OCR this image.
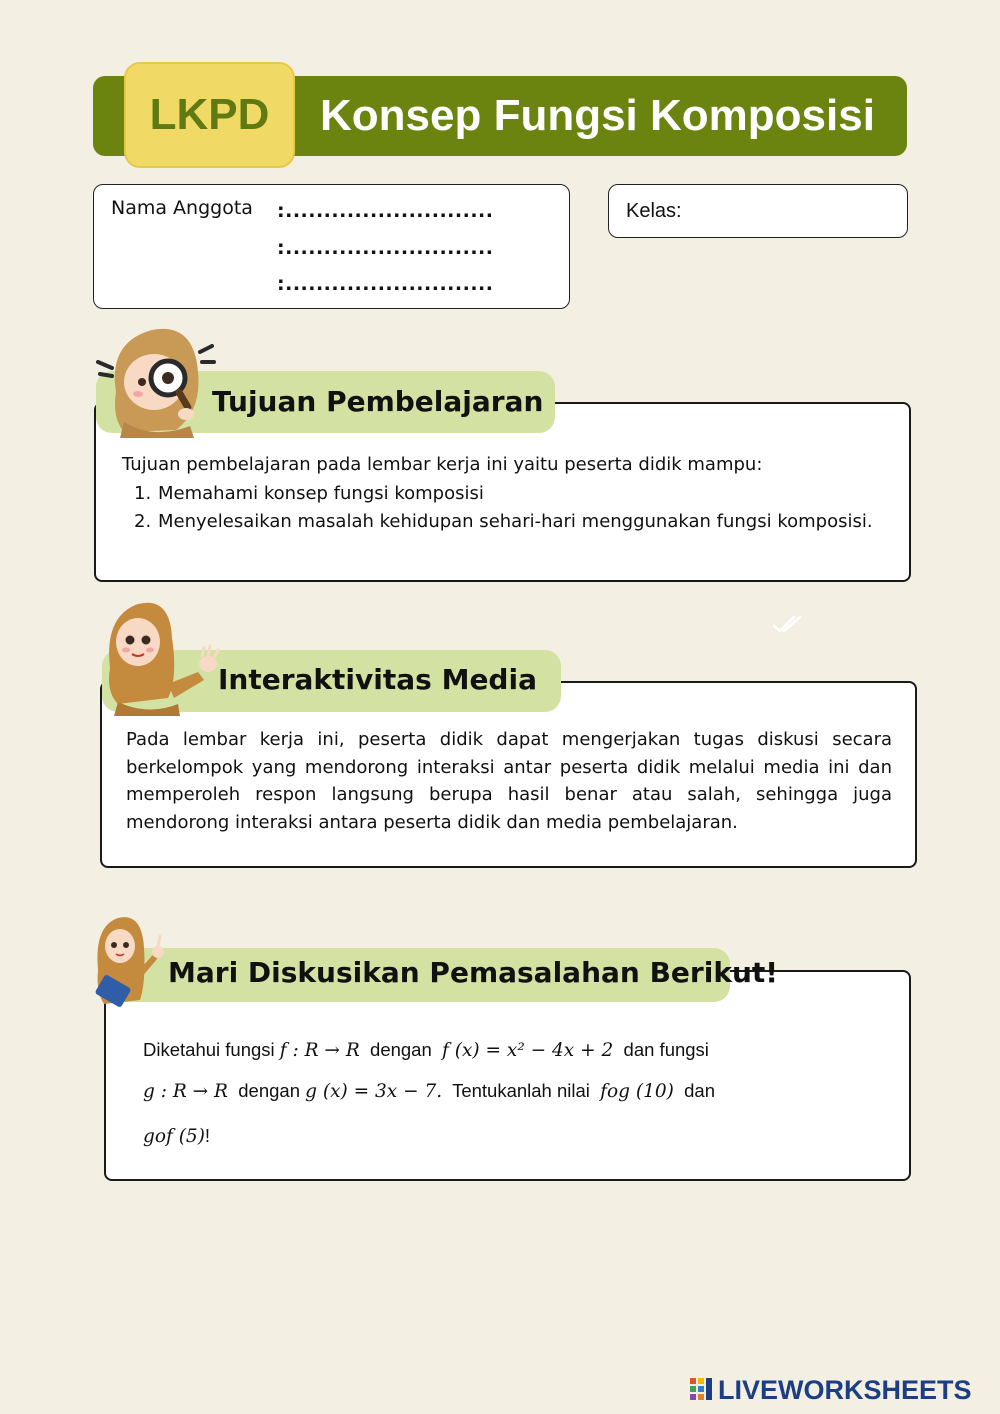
Konsep Fungsi Komposisi
LKPD
Nama Anggota :...........................
:...........................
:...........................
Kelas:
Tujuan Pembelajaran
Tujuan pembelajaran pada lembar kerja ini yaitu peserta didik mampu:
1. Memahami konsep fungsi komposisi
2. Menyelesaikan masalah kehidupan sehari-hari menggunakan fungsi komposisi.
Interaktivitas Media
Pada lembar kerja ini, peserta didik dapat mengerjakan tugas diskusi secara berkelompok yang mendorong interaksi antar peserta didik melalui media ini dan memperoleh respon langsung berupa hasil benar atau salah, sehingga juga mendorong interaksi antara peserta didik dan media pembelajaran.
Mari Diskusikan Pemasalahan Berikut!
Diketahui fungsi f : R → R dengan f (x) = x² − 4x + 2 dan fungsi
g : R → R dengan g (x) = 3x − 7. Tentukanlah nilai fog (10) dan
gof (5)!
LIVEWORKSHEETS
